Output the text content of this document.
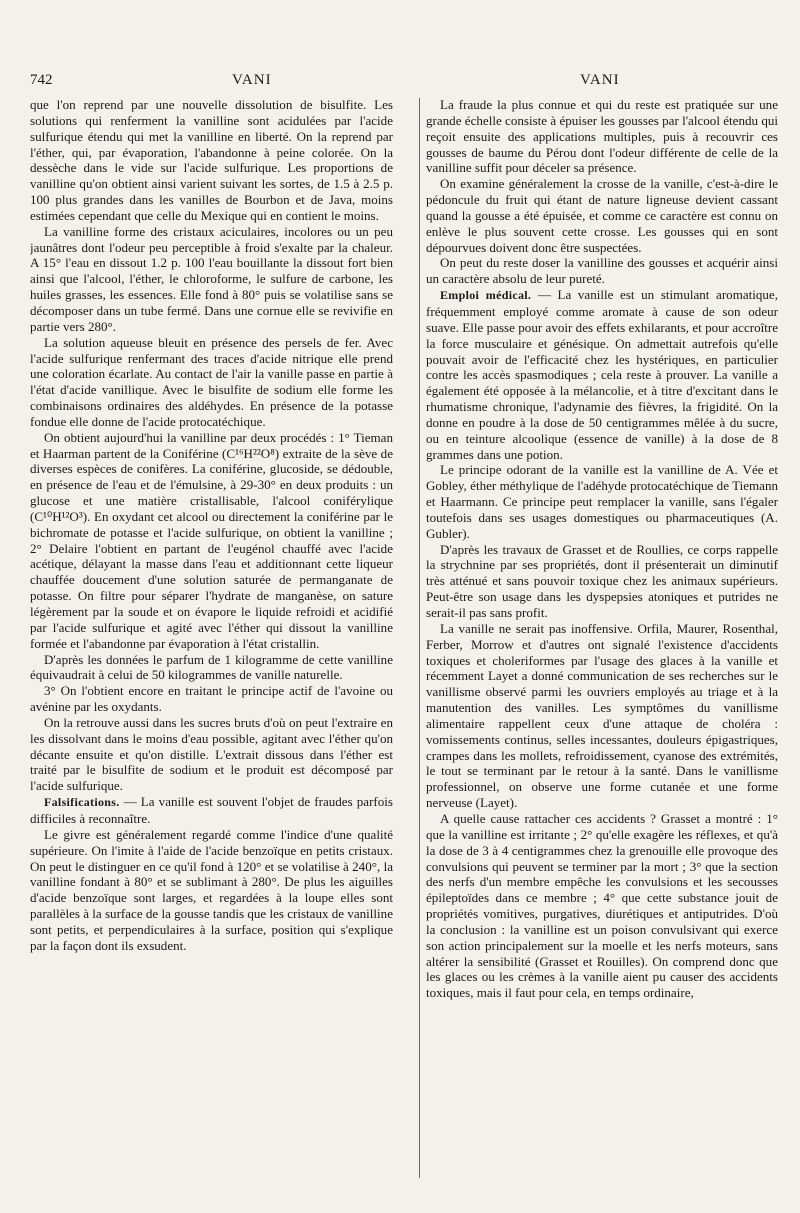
742	VANI	VANI

que l'on reprend par une nouvelle dissolution de bisulfite. Les solutions qui renferment la vanilline sont acidulées par l'acide sulfurique étendu qui met la vanilline en liberté. On la reprend par l'éther, qui, par évaporation, l'abandonne à peine colorée. On la dessèche dans le vide sur l'acide sulfurique. Les proportions de vanilline qu'on obtient ainsi varient suivant les sortes, de 1.5 à 2.5 p. 100 plus grandes dans les vanilles de Bourbon et de Java, moins estimées cependant que celle du Mexique qui en contient le moins.

La vanilline forme des cristaux aciculaires, incolores ou un peu jaunâtres dont l'odeur peu perceptible à froid s'exalte par la chaleur. A 15° l'eau en dissout 1.2 p. 100 l'eau bouillante la dissout fort bien ainsi que l'alcool, l'éther, le chloroforme, le sulfure de carbone, les huiles grasses, les essences. Elle fond à 80° puis se volatilise sans se décomposer dans un tube fermé. Dans une cornue elle se revivifie en partie vers 280°.

La solution aqueuse bleuit en présence des persels de fer. Avec l'acide sulfurique renfermant des traces d'acide nitrique elle prend une coloration écarlate. Au contact de l'air la vanille passe en partie à l'état d'acide vanillique. Avec le bisulfite de sodium elle forme les combinaisons ordinaires des aldéhydes. En présence de la potasse fondue elle donne de l'acide protocatéchique.

On obtient aujourd'hui la vanilline par deux procédés : 1° Tieman et Haarman partent de la Coniférine (C¹⁶H²²O⁸) extraite de la sève de diverses espèces de conifères. La coniférine, glucoside, se dédouble, en présence de l'eau et de l'émulsine, à 29-30° en deux produits : un glucose et une matière cristallisable, l'alcool coniférylique (C¹⁰H¹²O³). En oxydant cet alcool ou directement la coniférine par le bichromate de potasse et l'acide sulfurique, on obtient la vanilline ; 2° Delaire l'obtient en partant de l'eugénol chauffé avec l'acide acétique, délayant la masse dans l'eau et additionnant cette liqueur chauffée doucement d'une solution saturée de permanganate de potasse. On filtre pour séparer l'hydrate de manganèse, on sature légèrement par la soude et on évapore le liquide refroidi et acidifié par l'acide sulfurique et agité avec l'éther qui dissout la vanilline formée et l'abandonne par évaporation à l'état cristallin.

D'après les données le parfum de 1 kilogramme de cette vanilline équivaudrait à celui de 50 kilogrammes de vanille naturelle.

3° On l'obtient encore en traitant le principe actif de l'avoine ou avénine par les oxydants.

On la retrouve aussi dans les sucres bruts d'où on peut l'extraire en les dissolvant dans le moins d'eau possible, agitant avec l'éther qu'on décante ensuite et qu'on distille. L'extrait dissous dans l'éther est traité par le bisulfite de sodium et le produit est décomposé par l'acide sulfurique.

Falsifications. — La vanille est souvent l'objet de fraudes parfois difficiles à reconnaître.

Le givre est généralement regardé comme l'indice d'une qualité supérieure. On l'imite à l'aide de l'acide benzoïque en petits cristaux. On peut le distinguer en ce qu'il fond à 120° et se volatilise à 240°, la vanilline fondant à 80° et se sublimant à 280°. De plus les aiguilles d'acide benzoïque sont larges, et regardées à la loupe elles sont parallèles à la surface de la gousse tandis que les cristaux de vanilline sont petits, et perpendiculaires à la surface, position qui s'explique par la façon dont ils exsudent.

La fraude la plus connue et qui du reste est pratiquée sur une grande échelle consiste à épuiser les gousses par l'alcool étendu qui reçoit ensuite des applications multiples, puis à recouvrir ces gousses de baume du Pérou dont l'odeur différente de celle de la vanilline suffit pour déceler sa présence.

On examine généralement la crosse de la vanille, c'est-à-dire le pédoncule du fruit qui étant de nature ligneuse devient cassant quand la gousse a été épuisée, et comme ce caractère est connu on enlève le plus souvent cette crosse. Les gousses qui en sont dépourvues doivent donc être suspectées.

On peut du reste doser la vanilline des gousses et acquérir ainsi un caractère absolu de leur pureté.

Emploi médical. — La vanille est un stimulant aromatique, fréquemment employé comme aromate à cause de son odeur suave. Elle passe pour avoir des effets exhilarants, et pour accroître la force musculaire et génésique. On admettait autrefois qu'elle pouvait avoir de l'efficacité chez les hystériques, en particulier contre les accès spasmodiques ; cela reste à prouver. La vanille a également été opposée à la mélancolie, et à titre d'excitant dans le rhumatisme chronique, l'adynamie des fièvres, la frigidité. On la donne en poudre à la dose de 50 centigrammes mêlée à du sucre, ou en teinture alcoolique (essence de vanille) à la dose de 8 grammes dans une potion.

Le principe odorant de la vanille est la vanilline de A. Vée et Gobley, éther méthylique de l'adéhyde protocatéchique de Tiemann et Haarmann. Ce principe peut remplacer la vanille, sans l'égaler toutefois dans ses usages domestiques ou pharmaceutiques (A. Gubler).

D'après les travaux de Grasset et de Roullies, ce corps rappelle la strychnine par ses propriétés, dont il présenterait un diminutif très atténué et sans pouvoir toxique chez les animaux supérieurs. Peut-être son usage dans les dyspepsies atoniques et putrides ne serait-il pas sans profit.

La vanille ne serait pas inoffensive. Orfila, Maurer, Rosenthal, Ferber, Morrow et d'autres ont signalé l'existence d'accidents toxiques et choleriformes par l'usage des glaces à la vanille et récemment Layet a donné communication de ses recherches sur le vanillisme observé parmi les ouvriers employés au triage et à la manutention des vanilles. Les symptômes du vanillisme alimentaire rappellent ceux d'une attaque de choléra : vomissements continus, selles incessantes, douleurs épigastriques, crampes dans les mollets, refroidissement, cyanose des extrémités, le tout se terminant par le retour à la santé. Dans le vanillisme professionnel, on observe une forme cutanée et une forme nerveuse (Layet).

A quelle cause rattacher ces accidents ? Grasset a montré : 1° que la vanilline est irritante ; 2° qu'elle exagère les réflexes, et qu'à la dose de 3 à 4 centigrammes chez la grenouille elle provoque des convulsions qui peuvent se terminer par la mort ; 3° que la section des nerfs d'un membre empêche les convulsions et les secousses épileptoïdes dans ce membre ; 4° que cette substance jouit de propriétés vomitives, purgatives, diurétiques et antiputrides. D'où la conclusion : la vanilline est un poison convulsivant qui exerce son action principalement sur la moelle et les nerfs moteurs, sans altérer la sensibilité (Grasset et Rouilles). On comprend donc que les glaces ou les crèmes à la vanille aient pu causer des accidents toxiques, mais il faut pour cela, en temps ordinaire,
